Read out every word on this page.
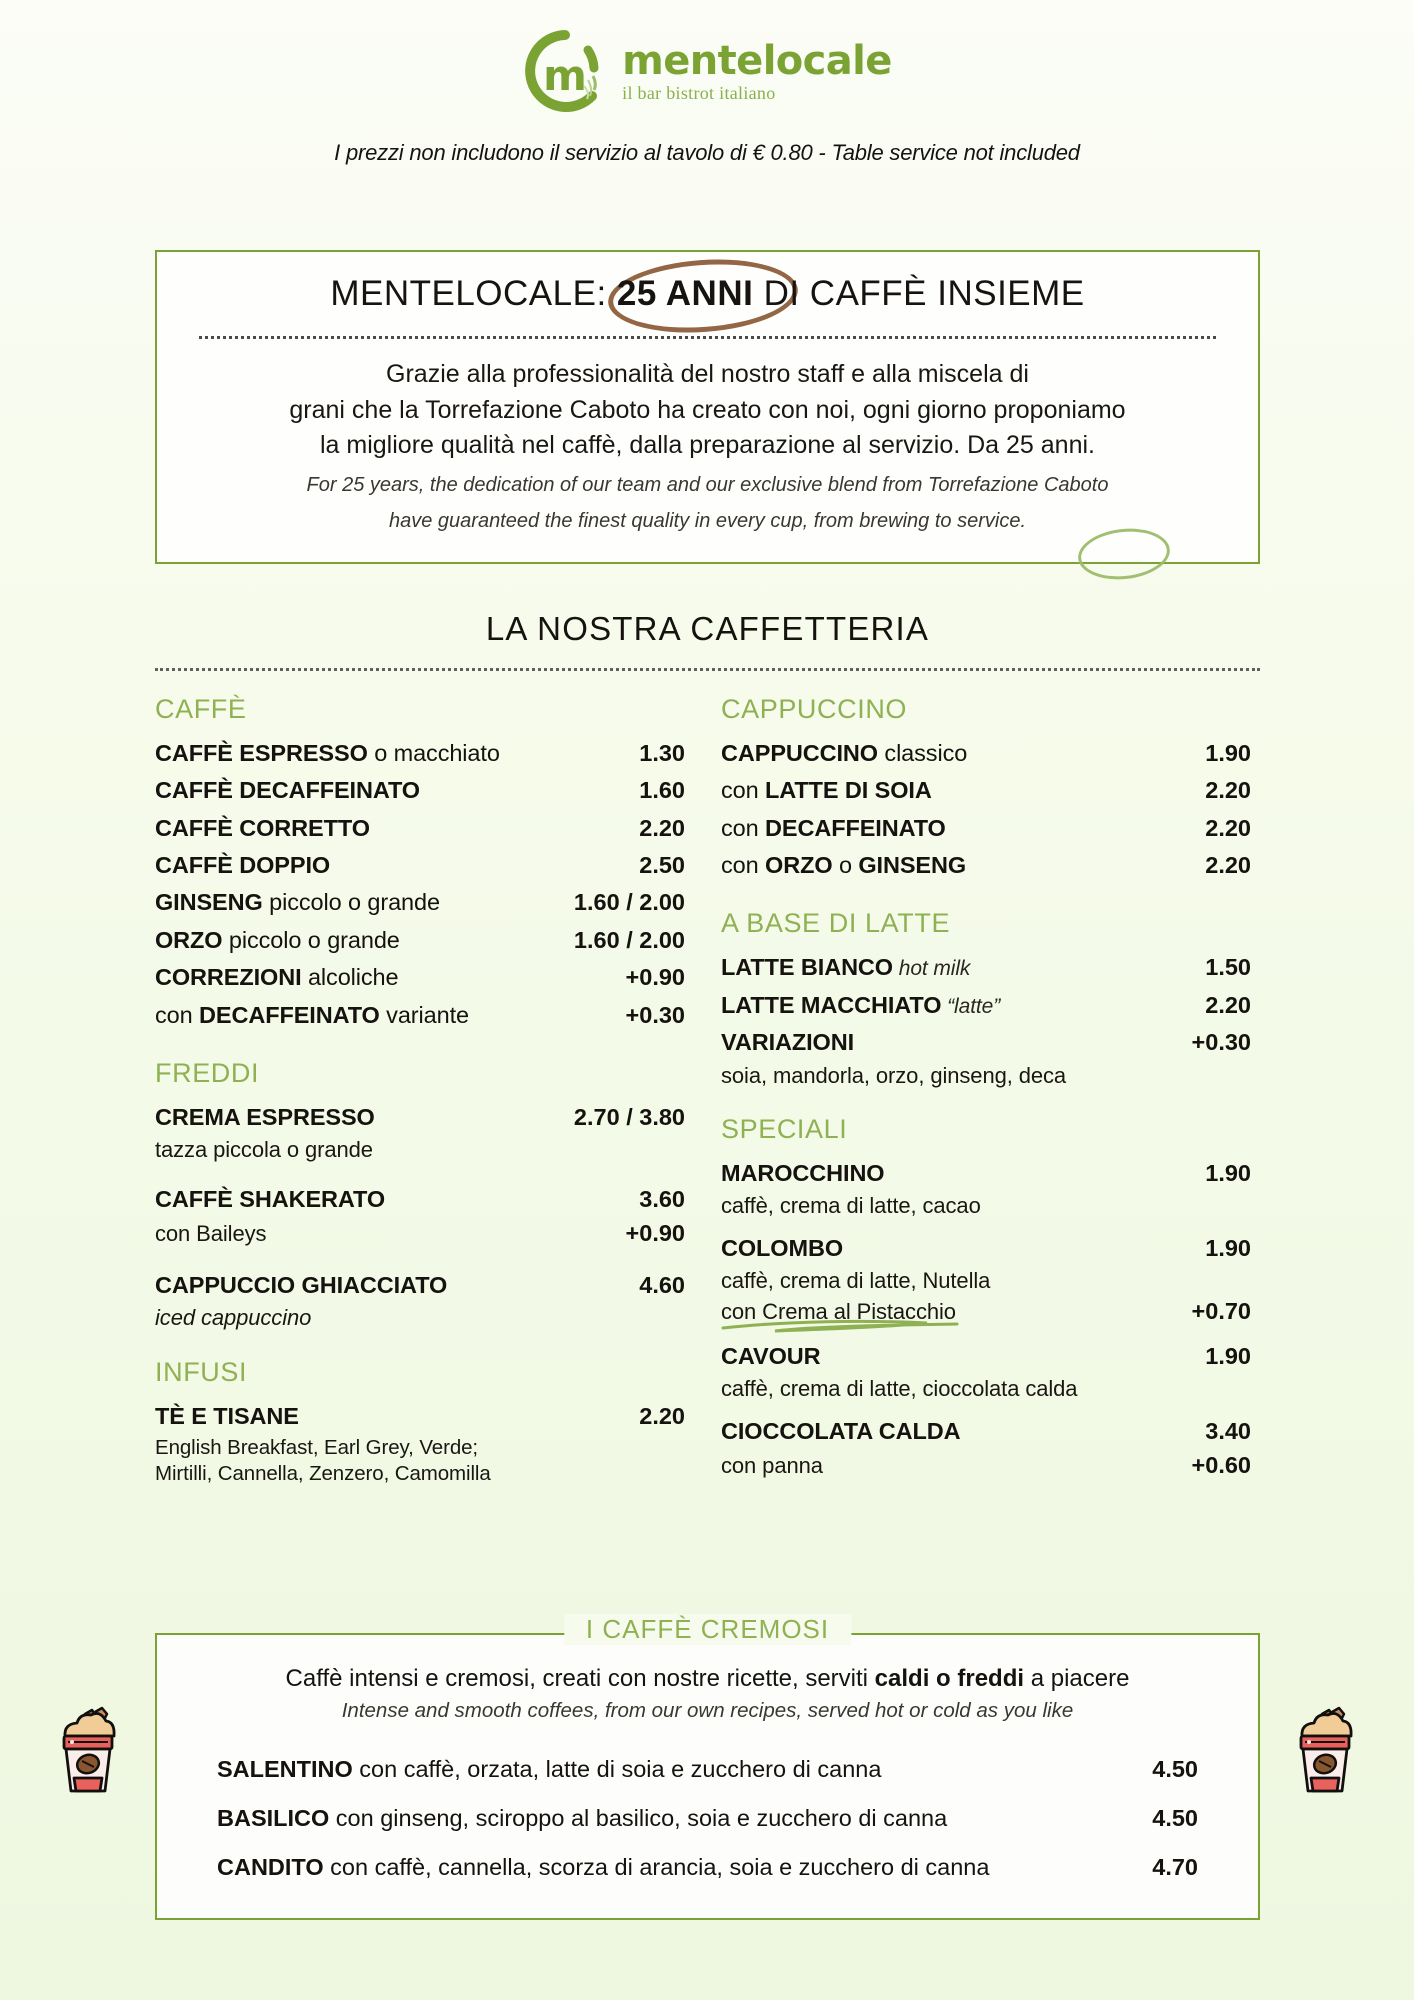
m mentelocale
il bar bistrot italiano
I prezzi non includono il servizio al tavolo di € 0.80 - Table service not included
MENTELOCALE: 25 ANNI DI CAFFÈ INSIEME
Grazie alla professionalità del nostro staff e alla miscela di
grani che la Torrefazione Caboto ha creato con noi, ogni giorno proponiamo
la migliore qualità nel caffè, dalla preparazione al servizio. Da 25 anni.
For 25 years, the dedication of our team and our exclusive blend from Torrefazione Caboto
have guaranteed the finest quality in every cup, from brewing to service.
LA NOSTRA CAFFETTERIA
CAFFÈ
CAFFÈ ESPRESSO o macchiato	1.30
CAFFÈ DECAFFEINATO	1.60
CAFFÈ CORRETTO	2.20
CAFFÈ DOPPIO	2.50
GINSENG piccolo o grande	1.60 / 2.00
ORZO piccolo o grande	1.60 / 2.00
CORREZIONI alcoliche	+0.90
con DECAFFEINATO variante	+0.30
FREDDI
CREMA ESPRESSO	2.70 / 3.80
tazza piccola o grande
CAFFÈ SHAKERATO	3.60
con Baileys	+0.90
CAPPUCCIO GHIACCIATO	4.60
iced cappuccino
INFUSI
TÈ E TISANE	2.20
English Breakfast, Earl Grey, Verde;
Mirtilli, Cannella, Zenzero, Camomilla
CAPPUCCINO
CAPPUCCINO classico	1.90
con LATTE DI SOIA	2.20
con DECAFFEINATO	2.20
con ORZO o GINSENG	2.20
A BASE DI LATTE
LATTE BIANCO hot milk	1.50
LATTE MACCHIATO “latte”	2.20
VARIAZIONI	+0.30
soia, mandorla, orzo, ginseng, deca
SPECIALI
MAROCCHINO	1.90
caffè, crema di latte, cacao
COLOMBO	1.90
caffè, crema di latte, Nutella
con Crema al Pistacchio	+0.70
CAVOUR	1.90
caffè, crema di latte, cioccolata calda
CIOCCOLATA CALDA	3.40
con panna	+0.60
I CAFFÈ CREMOSI
Caffè intensi e cremosi, creati con nostre ricette, serviti caldi o freddi a piacere
Intense and smooth coffees, from our own recipes, served hot or cold as you like
SALENTINO con caffè, orzata, latte di soia e zucchero di canna	4.50
BASILICO con ginseng, sciroppo al basilico, soia e zucchero di canna	4.50
CANDITO con caffè, cannella, scorza di arancia, soia e zucchero di canna	4.70
